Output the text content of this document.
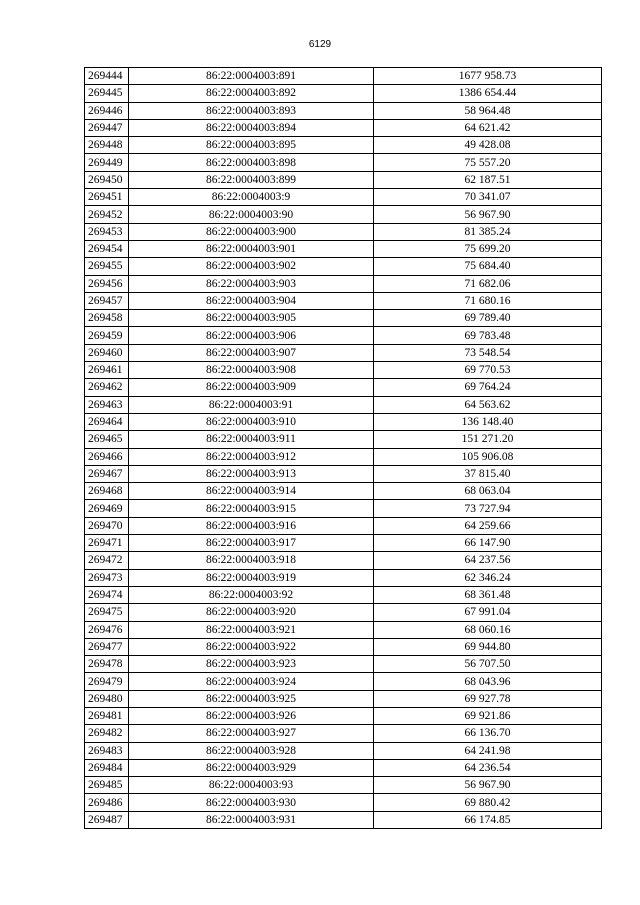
6129
269444	86:22:0004003:891	1677 958.73
269445	86:22:0004003:892	1386 654.44
269446	86:22:0004003:893	58 964.48
269447	86:22:0004003:894	64 621.42
269448	86:22:0004003:895	49 428.08
269449	86:22:0004003:898	75 557.20
269450	86:22:0004003:899	62 187.51
269451	86:22:0004003:9	70 341.07
269452	86:22:0004003:90	56 967.90
269453	86:22:0004003:900	81 385.24
269454	86:22:0004003:901	75 699.20
269455	86:22:0004003:902	75 684.40
269456	86:22:0004003:903	71 682.06
269457	86:22:0004003:904	71 680.16
269458	86:22:0004003:905	69 789.40
269459	86:22:0004003:906	69 783.48
269460	86:22:0004003:907	73 548.54
269461	86:22:0004003:908	69 770.53
269462	86:22:0004003:909	69 764.24
269463	86:22:0004003:91	64 563.62
269464	86:22:0004003:910	136 148.40
269465	86:22:0004003:911	151 271.20
269466	86:22:0004003:912	105 906.08
269467	86:22:0004003:913	37 815.40
269468	86:22:0004003:914	68 063.04
269469	86:22:0004003:915	73 727.94
269470	86:22:0004003:916	64 259.66
269471	86:22:0004003:917	66 147.90
269472	86:22:0004003:918	64 237.56
269473	86:22:0004003:919	62 346.24
269474	86:22:0004003:92	68 361.48
269475	86:22:0004003:920	67 991.04
269476	86:22:0004003:921	68 060.16
269477	86:22:0004003:922	69 944.80
269478	86:22:0004003:923	56 707.50
269479	86:22:0004003:924	68 043.96
269480	86:22:0004003:925	69 927.78
269481	86:22:0004003:926	69 921.86
269482	86:22:0004003:927	66 136.70
269483	86:22:0004003:928	64 241.98
269484	86:22:0004003:929	64 236.54
269485	86:22:0004003:93	56 967.90
269486	86:22:0004003:930	69 880.42
269487	86:22:0004003:931	66 174.85
